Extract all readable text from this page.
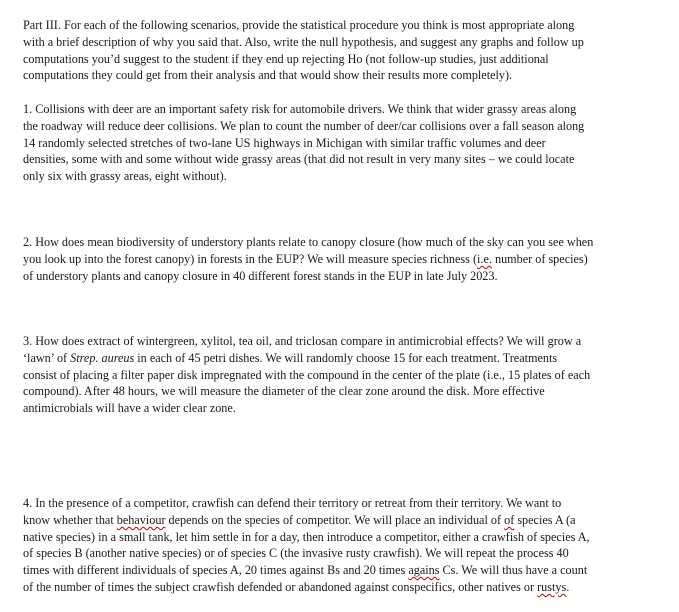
Part III. For each of the following scenarios, provide the statistical procedure you think is most appropriate along
with a brief description of why you said that. Also, write the null hypothesis, and suggest any graphs and follow up
computations you’d suggest to the student if they end up rejecting Ho (not follow-up studies, just additional
computations they could get from their analysis and that would show their results more completely).
1. Collisions with deer are an important safety risk for automobile drivers. We think that wider grassy areas along
the roadway will reduce deer collisions. We plan to count the number of deer/car collisions over a fall season along
14 randomly selected stretches of two-lane US highways in Michigan with similar traffic volumes and deer
densities, some with and some without wide grassy areas (that did not result in very many sites – we could locate
only six with grassy areas, eight without).
2. How does mean biodiversity of understory plants relate to canopy closure (how much of the sky can you see when
you look up into the forest canopy) in forests in the EUP? We will measure species richness (i.e. number of species)
of understory plants and canopy closure in 40 different forest stands in the EUP in late July 2023.
3. How does extract of wintergreen, xylitol, tea oil, and triclosan compare in antimicrobial effects? We will grow a
‘lawn’ of Strep. aureus in each of 45 petri dishes. We will randomly choose 15 for each treatment. Treatments
consist of placing a filter paper disk impregnated with the compound in the center of the plate (i.e., 15 plates of each
compound). After 48 hours, we will measure the diameter of the clear zone around the disk. More effective
antimicrobials will have a wider clear zone.
4. In the presence of a competitor, crawfish can defend their territory or retreat from their territory. We want to
know whether that behaviour depends on the species of competitor. We will place an individual of of species A (a
native species) in a small tank, let him settle in for a day, then introduce a competitor, either a crawfish of species A,
of species B (another native species) or of species C (the invasive rusty crawfish). We will repeat the process 40
times with different individuals of species A, 20 times against Bs and 20 times agains Cs. We will thus have a count
of the number of times the subject crawfish defended or abandoned against conspecifics, other natives or rustys.
